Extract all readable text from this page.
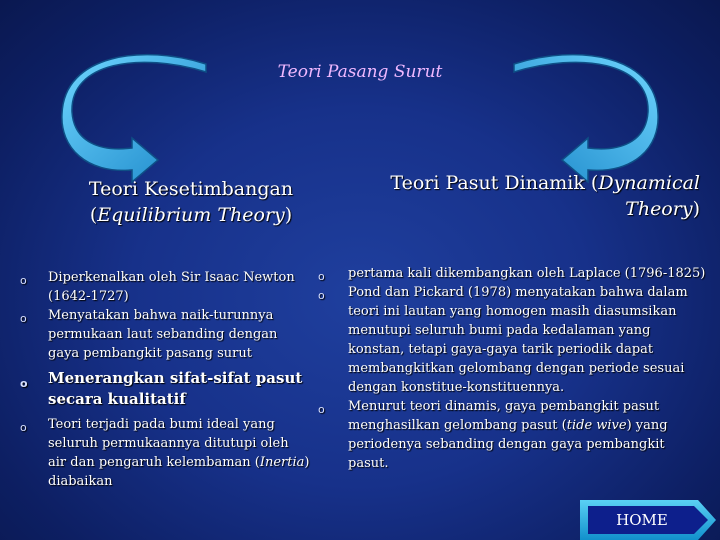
Teori Pasang Surut
Teori Kesetimbangan
(Equilibrium Theory)
Teori Pasut Dinamik (Dynamical
Theory)
o Diperkenalkan oleh Sir Isaac Newton (1642-1727)
o Menyatakan bahwa naik-turunnya permukaan laut sebanding dengan gaya pembangkit pasang surut
o Menerangkan sifat-sifat pasut secara kualitatif
o Teori terjadi pada bumi ideal yang seluruh permukaannya ditutupi oleh air dan pengaruh kelembaman (Inertia) diabaikan
o pertama kali dikembangkan oleh Laplace (1796-1825)
o Pond dan Pickard (1978) menyatakan bahwa dalam teori ini lautan yang homogen masih diasumsikan menutupi seluruh bumi pada kedalaman yang konstan, tetapi gaya-gaya tarik periodik dapat membangkitkan gelombang dengan periode sesuai dengan konstitue-konstituennya.
o Menurut teori dinamis, gaya pembangkit pasut menghasilkan gelombang pasut (tide wive) yang periodenya sebanding dengan gaya pembangkit pasut.
HOME
